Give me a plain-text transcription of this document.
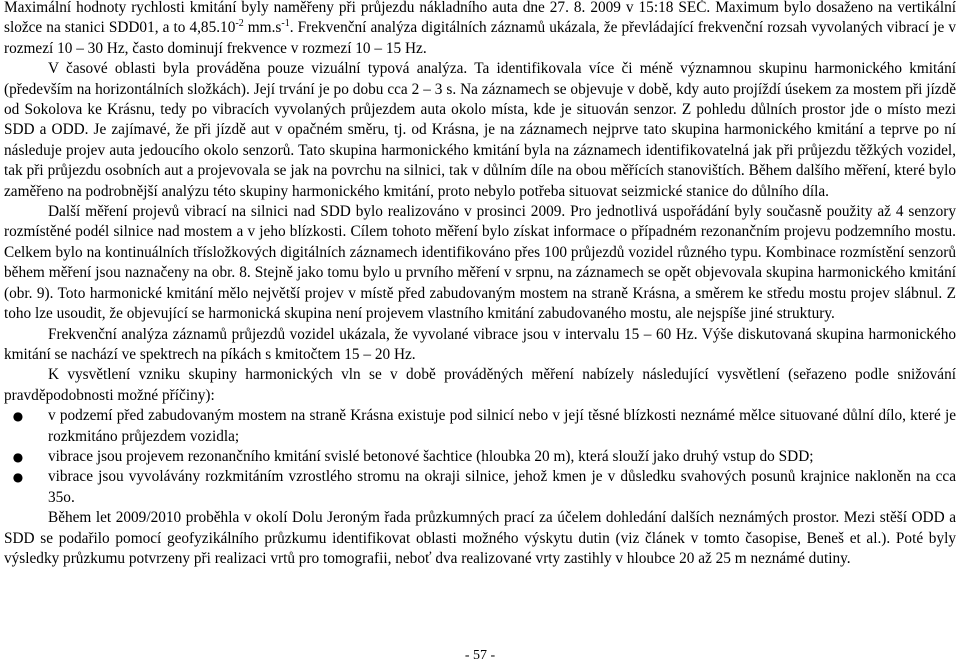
Maximální hodnoty rychlosti kmitání byly naměřeny při průjezdu nákladního auta dne 27. 8. 2009 v 15:18 SEČ. Maximum bylo dosaženo na vertikální složce na stanici SDD01, a to $4,85.10^{-2}$ $mm.s^{-1}$. Frekvenční analýza digitálních záznamů ukázala, že převládající frekvenční rozsah vyvolaných vibrací je v rozmezí 10 – 30 Hz, často dominují frekvence v rozmezí 10 – 15 Hz.

V časové oblasti byla prováděna pouze vizuální typová analýza. Ta identifikovala více či méně významnou skupinu harmonického kmitání (především na horizontálních složkách). Její trvání je po dobu cca 2 – 3 s. Na záznamech se objevuje v době, kdy auto projíždí úsekem za mostem při jízdě od Sokolova ke Krásnu, tedy po vibracích vyvolaných průjezdem auta okolo místa, kde je situován senzor. Z pohledu důlních prostor jde o místo mezi SDD a ODD. Je zajímavé, že při jízdě aut v opačném směru, tj. od Krásna, je na záznamech nejprve tato skupina harmonického kmitání a teprve po ní následuje projev auta jedoucího okolo senzorů. Tato skupina harmonického kmitání byla na záznamech identifikovatelná jak při průjezdu těžkých vozidel, tak při průjezdu osobních aut a projevovala se jak na povrchu na silnici, tak v důlním díle na obou měřících stanovištích. Během dalšího měření, které bylo zaměřeno na podrobnější analýzu této skupiny harmonického kmitání, proto nebylo potřeba situovat seizmické stanice do důlního díla.

Další měření projevů vibrací na silnici nad SDD bylo realizováno v prosinci 2009. Pro jednotlivá uspořádání byly současně použity až 4 senzory rozmístěné podél silnice nad mostem a v jeho blízkosti. Cílem tohoto měření bylo získat informace o případném rezonančním projevu podzemního mostu. Celkem bylo na kontinuálních třísložkových digitálních záznamech identifikováno přes 100 průjezdů vozidel různého typu. Kombinace rozmístění senzorů během měření jsou naznačeny na obr. 8. Stejně jako tomu bylo u prvního měření v srpnu, na záznamech se opět objevovala skupina harmonického kmitání (obr. 9). Toto harmonické kmitání mělo největší projev v místě před zabudovaným mostem na straně Krásna, a směrem ke středu mostu projev slábnul. Z toho lze usoudit, že objevující se harmonická skupina není projevem vlastního kmitání zabudovaného mostu, ale nejspíše jiné struktury.

Frekvenční analýza záznamů průjezdů vozidel ukázala, že vyvolané vibrace jsou v intervalu 15 – 60 Hz. Výše diskutovaná skupina harmonického kmitání se nachází ve spektrech na píkách s kmitočtem 15 – 20 Hz.

K vysvětlení vzniku skupiny harmonických vln se v době prováděných měření nabízely následující vysvětlení (seřazeno podle snižování pravděpodobnosti možné příčiny):

● v podzemí před zabudovaným mostem na straně Krásna existuje pod silnicí nebo v její těsné blízkosti neznámé mělce situované důlní dílo, které je rozkmitáno průjezdem vozidla;
● vibrace jsou projevem rezonančního kmitání svislé betonové šachtice (hloubka 20 m), která slouží jako druhý vstup do SDD;
● vibrace jsou vyvolávány rozkmitáním vzrostlého stromu na okraji silnice, jehož kmen je v důsledku svahových posunů krajnice nakloněn na cca 35o.

Během let 2009/2010 proběhla v okolí Dolu Jeroným řada průzkumných prací za účelem dohledání dalších neznámých prostor. Mezi stěší ODD a SDD se podařilo pomocí geofyzikálního průzkumu identifikovat oblasti možného výskytu dutin (viz článek v tomto časopise, Beneš et al.). Poté byly výsledky průzkumu potvrzeny při realizaci vrtů pro tomografii, neboť dva realizované vrty zastihly v hloubce 20 až 25 m neznámé dutiny.

- 57 -
